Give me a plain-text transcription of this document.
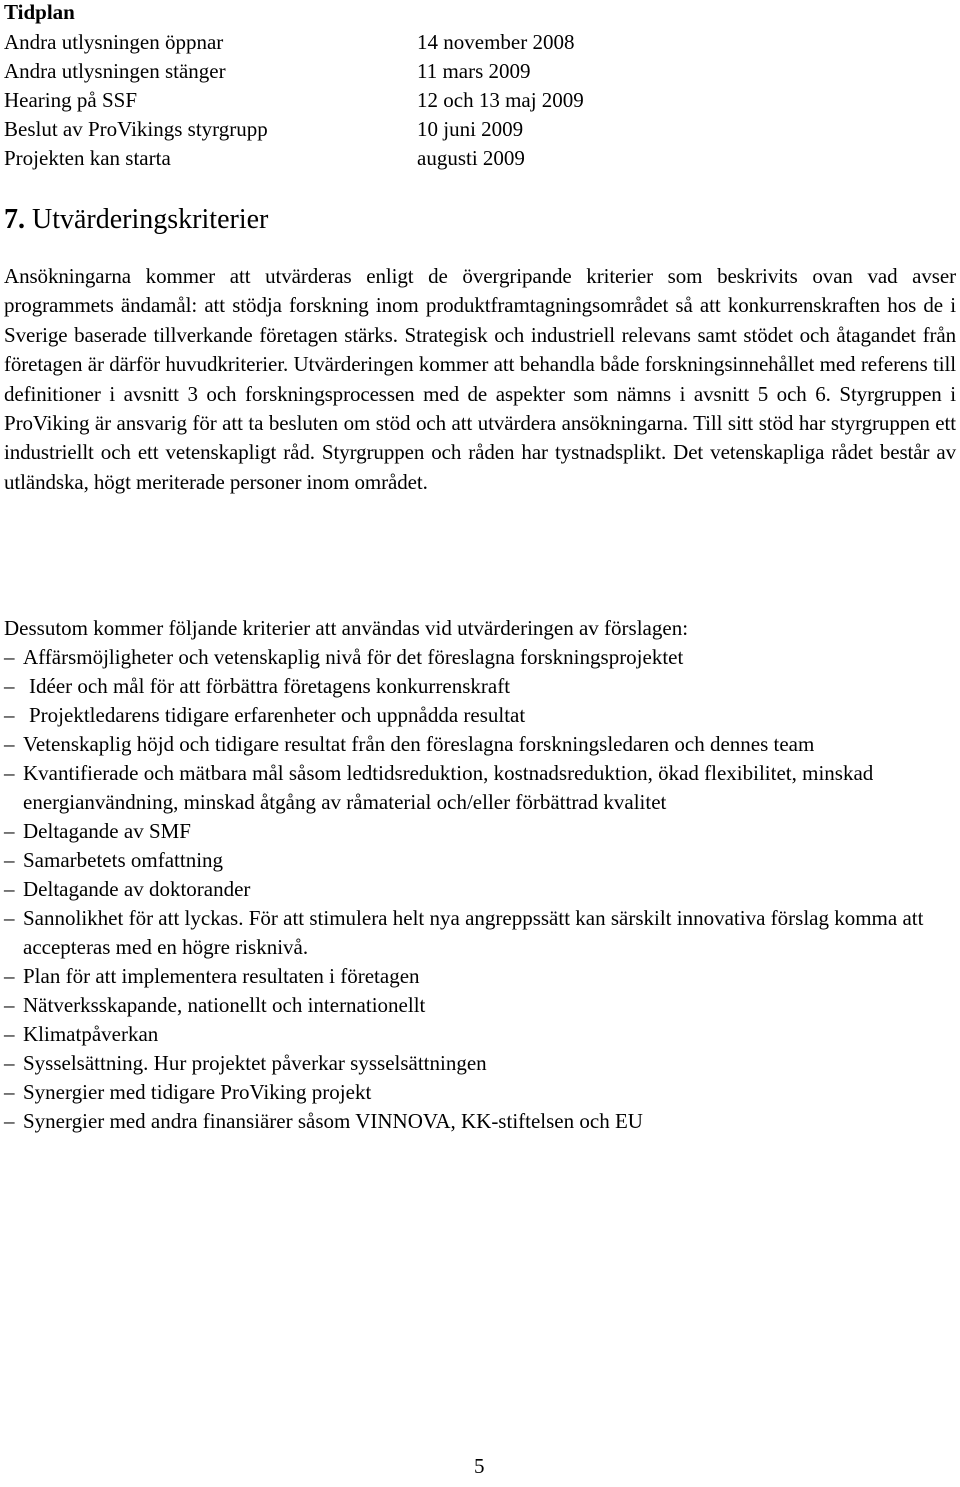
Tidplan
Andra utlysningen öppnar	14 november 2008
Andra utlysningen stänger	11 mars 2009
Hearing på SSF	12 och 13 maj 2009
Beslut av ProVikings styrgrupp	10 juni 2009
Projekten kan starta	augusti 2009
7. Utvärderingskriterier

Ansökningarna kommer att utvärderas enligt de övergripande kriterier som beskrivits ovan vad avser programmets ändamål: att stödja forskning inom produktframtagningsområdet så att konkurrenskraften hos de i Sverige baserade tillverkande företagen stärks. Strategisk och industriell relevans samt stödet och åtagandet från företagen är därför huvudkriterier. Utvärderingen kommer att behandla både forskningsinnehållet med referens till definitioner i avsnitt 3 och forskningsprocessen med de aspekter som nämns i avsnitt 5 och 6. Styrgruppen i ProViking är ansvarig för att ta besluten om stöd och att utvärdera ansökningarna. Till sitt stöd har styrgruppen ett industriellt och ett vetenskapligt råd. Styrgruppen och råden har tystnadsplikt. Det vetenskapliga rådet består av utländska, högt meriterade personer inom området.

Dessutom kommer följande kriterier att användas vid utvärderingen av förslagen:
– Affärsmöjligheter och vetenskaplig nivå för det föreslagna forskningsprojektet
– Idéer och mål för att förbättra företagens konkurrenskraft
– Projektledarens tidigare erfarenheter och uppnådda resultat
– Vetenskaplig höjd och tidigare resultat från den föreslagna forskningsledaren och dennes team
– Kvantifierade och mätbara mål såsom ledtidsreduktion, kostnadsreduktion, ökad flexibilitet, minskad energianvändning, minskad åtgång av råmaterial och/eller förbättrad kvalitet
– Deltagande av SMF
– Samarbetets omfattning
– Deltagande av doktorander
– Sannolikhet för att lyckas. För att stimulera helt nya angreppssätt kan särskilt innovativa förslag komma att accepteras med en högre risknivå.
– Plan för att implementera resultaten i företagen
– Nätverksskapande, nationellt och internationellt
– Klimatpåverkan
– Sysselsättning. Hur projektet påverkar sysselsättningen
– Synergier med tidigare ProViking projekt
– Synergier med andra finansiärer såsom VINNOVA, KK-stiftelsen och EU
5
